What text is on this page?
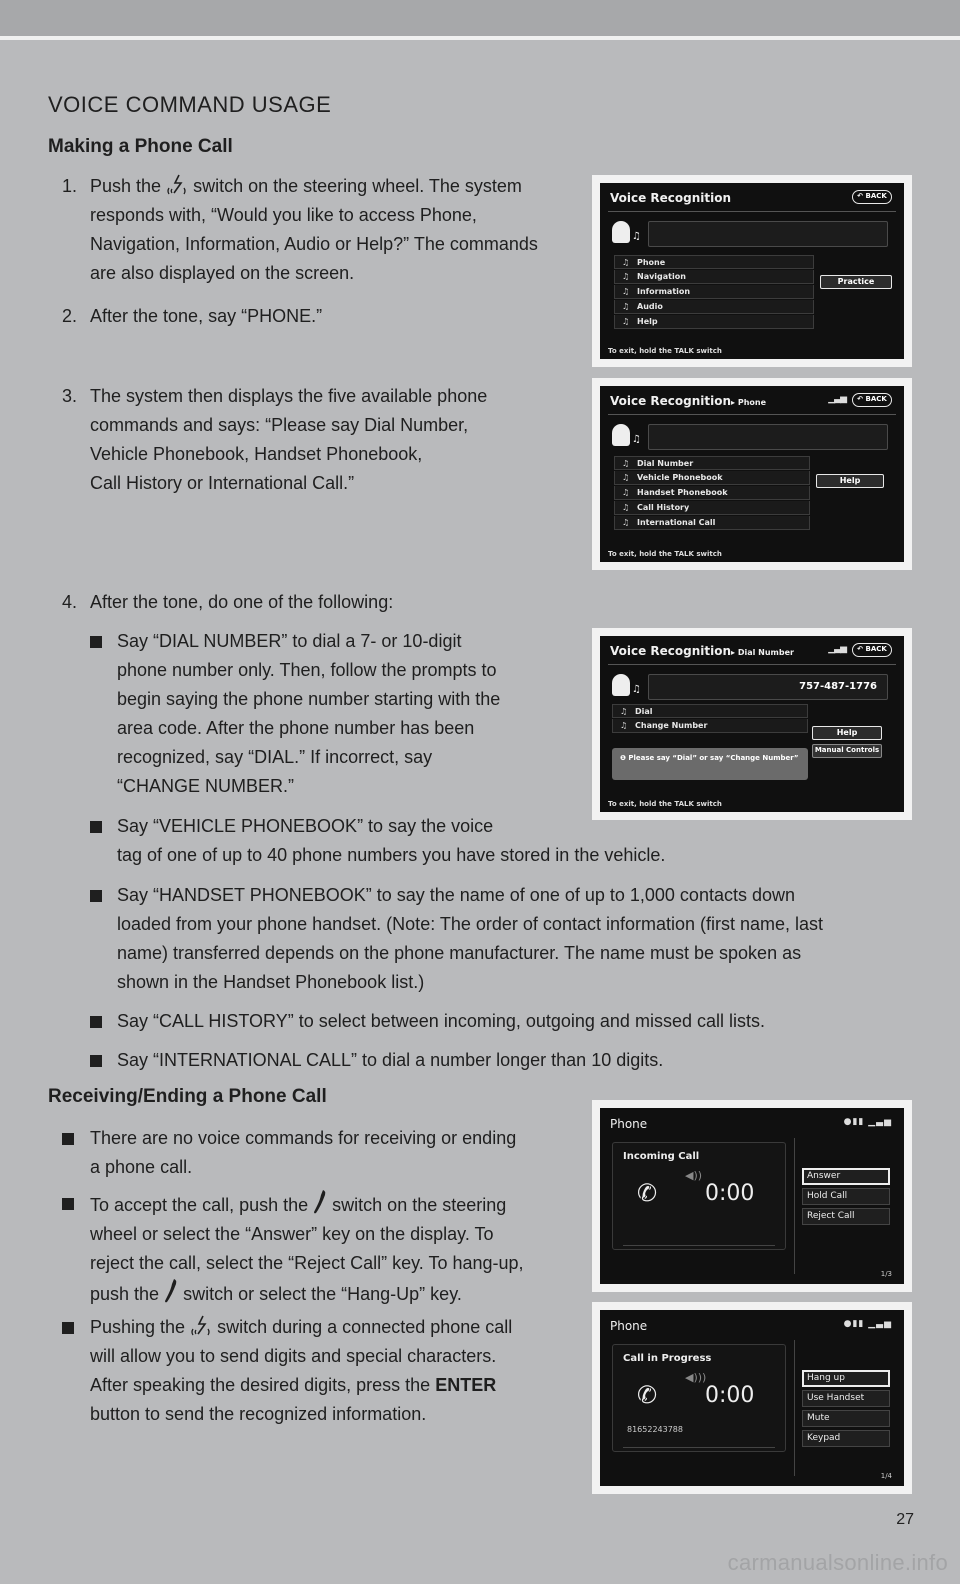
VOICE COMMAND USAGE
Making a Phone Call
1. Push the switch on the steering wheel. The system
responds with, “Would you like to access Phone,
Navigation, Information, Audio or Help?” The commands
are also displayed on the screen.
2. After the tone, say “PHONE.”
3. The system then displays the five available phone
commands and says: “Please say Dial Number,
Vehicle Phonebook, Handset Phonebook,
Call History or International Call.”
4. After the tone, do one of the following:
Say “DIAL NUMBER” to dial a 7- or 10-digit
phone number only. Then, follow the prompts to
begin saying the phone number starting with the
area code. After the phone number has been
recognized, say “DIAL.” If incorrect, say
“CHANGE NUMBER.”
Say “VEHICLE PHONEBOOK” to say the voice
tag of one of up to 40 phone numbers you have stored in the vehicle.
Say “HANDSET PHONEBOOK” to say the name of one of up to 1,000 contacts down
loaded from your phone handset. (Note: The order of contact information (first name, last
name) transferred depends on the phone manufacturer. The name must be spoken as
shown in the Handset Phonebook list.)
Say “CALL HISTORY” to select between incoming, outgoing and missed call lists.
Say “INTERNATIONAL CALL” to dial a number longer than 10 digits.
Receiving/Ending a Phone Call
There are no voice commands for receiving or ending
a phone call.
To accept the call, push the switch on the steering
wheel or select the “Answer” key on the display. To
reject the call, select the “Reject Call” key. To hang-up,
push the switch or select the “Hang-Up” key.
Pushing the switch during a connected phone call
will allow you to send digits and special characters.
After speaking the desired digits, press the ENTER
button to send the recognized information.
Voice Recognition	↶ BACK
♫
♫ Phone
♫ Navigation
♫ Information
♫ Audio
♫ Help
Practice
To exit, hold the TALK switch
Voice Recognition▸ Phone	▁▃▅	↶ BACK
♫
♫ Dial Number
♫ Vehicle Phonebook
♫ Handset Phonebook
♫ Call History
♫ International Call
Help
To exit, hold the TALK switch
Voice Recognition▸ Dial Number	▁▃▅	↶ BACK
♫	757-487-1776
♫ Dial
♫ Change Number
Help
Manual Controls
❶ Please say “Dial” or say “Change Number”
To exit, hold the TALK switch
Phone	●▮▮ ▁▃▅
Incoming Call
✆
◀))
0:00
Answer
Hold Call
Reject Call
1/3
Phone	●▮▮ ▁▃▅
Call in Progress
✆
◀)))
0:00
81652243788
Hang up
Use Handset
Mute
Keypad
1/4
27
carmanualsonline.info
